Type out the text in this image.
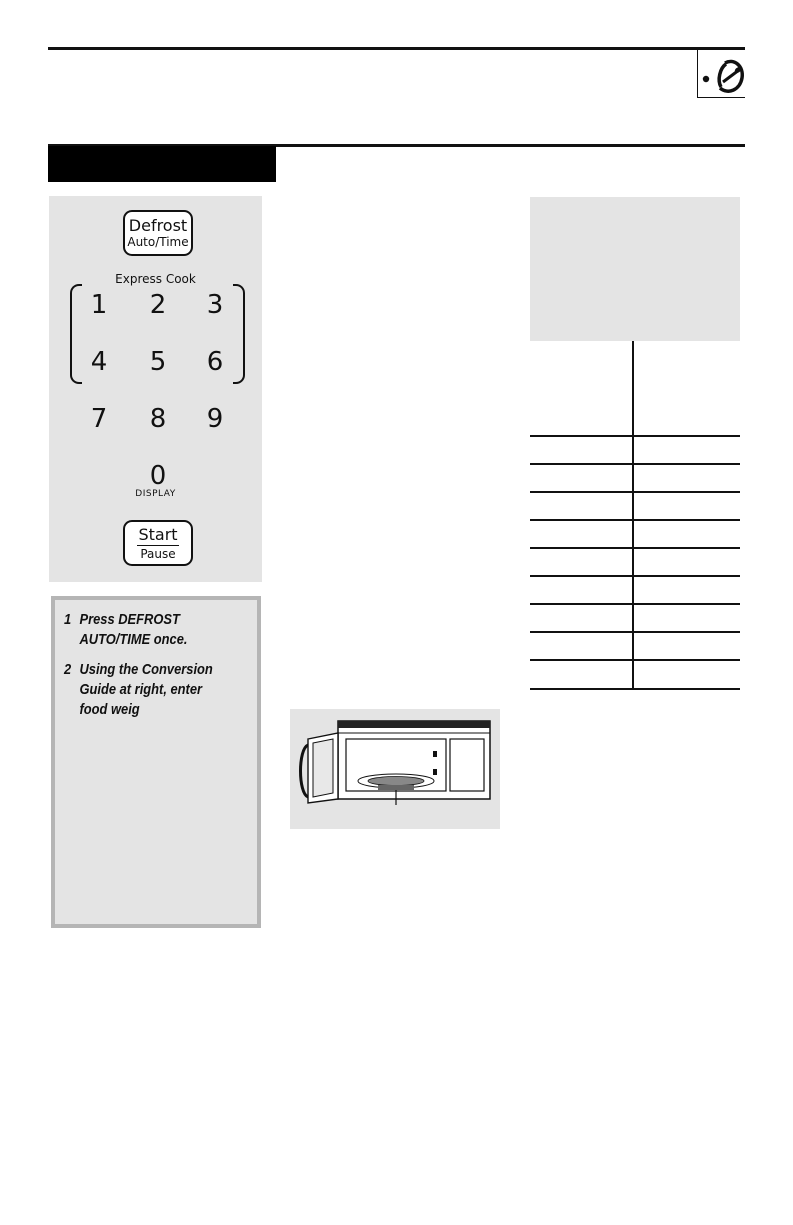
Defrost
Auto/Time
Express Cook
1	2	3
4	5	6
7	8	9
0
DISPLAY
Start
Pause
1 Press DEFROST
AUTO/TIME once.
2 Using the Conversion
Guide at right, enter
food weig
